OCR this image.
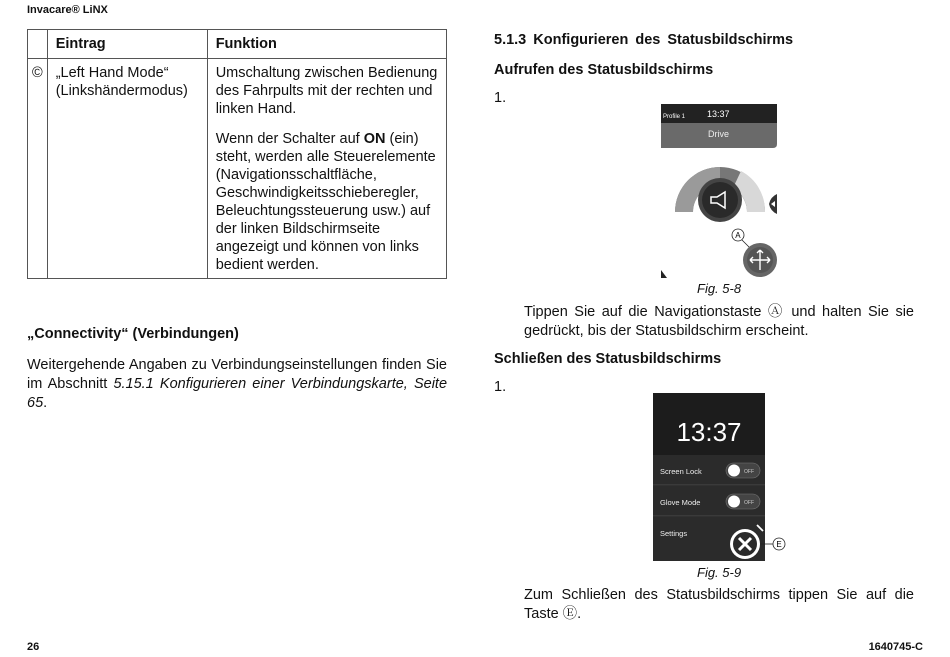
Invacare® LiNX
	Eintrag	Funktion
©	„Left Hand Mode“ (Linkshändermodus)	Umschaltung zwischen Bedienung des Fahrpults mit der rechten und linken Hand.
Wenn der Schalter auf ON (ein) steht, werden alle Steuerelemente (Navigationsschaltfläche, Geschwindigkeitsschieberegler, Beleuchtungssteuerung usw.) auf der linken Bildschirmseite angezeigt und können von links bedient werden.
„Connectivity“ (Verbindungen)
Weitergehende Angaben zu Verbindungseinstellungen finden Sie im Abschnitt 5.15.1 Konfigurieren einer Verbindungskarte, Seite 65.
5.1.3 Konfigurieren des Statusbildschirms
Aufrufen des Statusbildschirms
1.
Profile 1 13:37
Drive
A
Fig. 5-8
Tippen Sie auf die Navigationstaste Ⓐ und halten Sie sie gedrückt, bis der Statusbildschirm erscheint.
Schließen des Statusbildschirms
1.
13:37
Screen Lock	OFF
Glove Mode	OFF
Settings
E
Fig. 5-9
Zum Schließen des Statusbildschirms tippen Sie auf die Taste Ⓔ.
26	1640745-C
